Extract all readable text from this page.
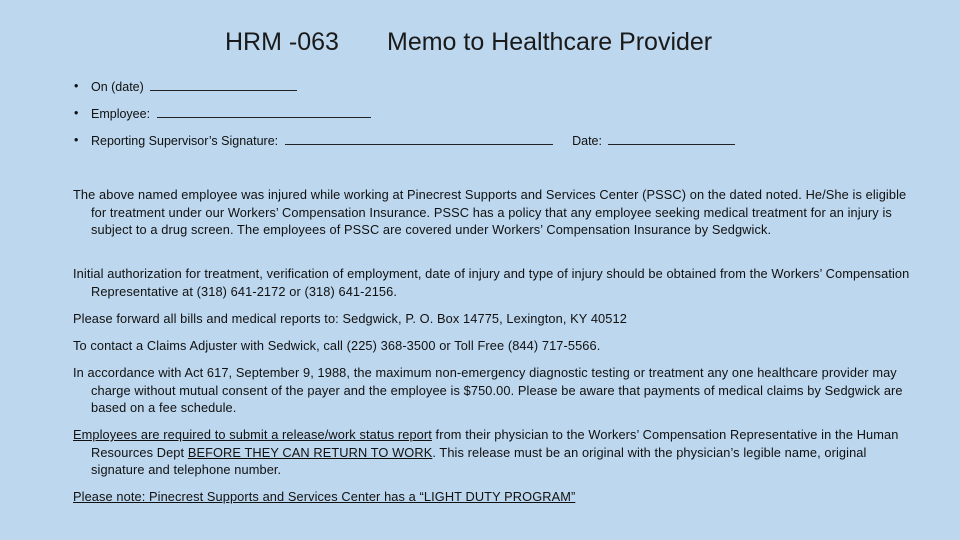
HRM -063 Memo to Healthcare Provider
• On (date)
• Employee:
• Reporting Supervisor’s Signature:	Date:

The above named employee was injured while working at Pinecrest Supports and Services Center (PSSC) on the dated noted. He/She is eligible for treatment under our Workers’ Compensation Insurance. PSSC has a policy that any employee seeking medical treatment for an injury is subject to a drug screen. The employees of PSSC are covered under Workers’ Compensation Insurance by Sedgwick.

Initial authorization for treatment, verification of employment, date of injury and type of injury should be obtained from the Workers’ Compensation Representative at (318) 641-2172 or (318) 641-2156.

Please forward all bills and medical reports to: Sedgwick, P. O. Box 14775, Lexington, KY 40512

To contact a Claims Adjuster with Sedwick, call (225) 368-3500 or Toll Free (844) 717-5566.

In accordance with Act 617, September 9, 1988, the maximum non-emergency diagnostic testing or treatment any one healthcare provider may charge without mutual consent of the payer and the employee is $750.00. Please be aware that payments of medical claims by Sedgwick are based on a fee schedule.

Employees are required to submit a release/work status report from their physician to the Workers’ Compensation Representative in the Human Resources Dept BEFORE THEY CAN RETURN TO WORK. This release must be an original with the physician’s legible name, original signature and telephone number.

Please note: Pinecrest Supports and Services Center has a “LIGHT DUTY PROGRAM”
